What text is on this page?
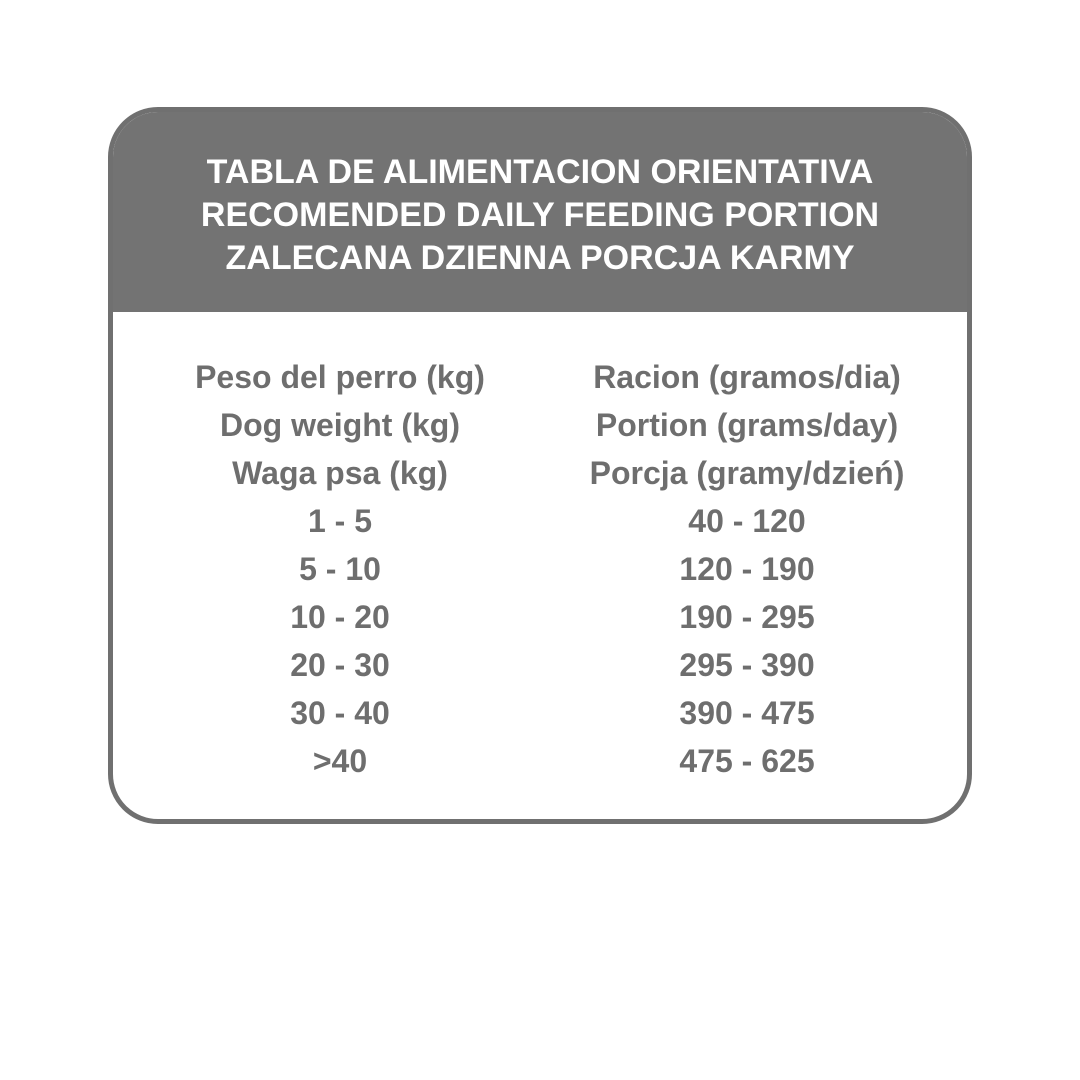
TABLA DE ALIMENTACION ORIENTATIVA
RECOMENDED DAILY FEEDING PORTION
ZALECANA DZIENNA PORCJA KARMY
Peso del perro (kg)
Dog weight (kg)
Waga psa (kg)
1 - 5
5 - 10
10 - 20
20 - 30
30 - 40
>40
Racion (gramos/dia)
Portion (grams/day)
Porcja (gramy/dzień)
40 - 120
120 - 190
190 - 295
295 - 390
390 - 475
475 - 625
